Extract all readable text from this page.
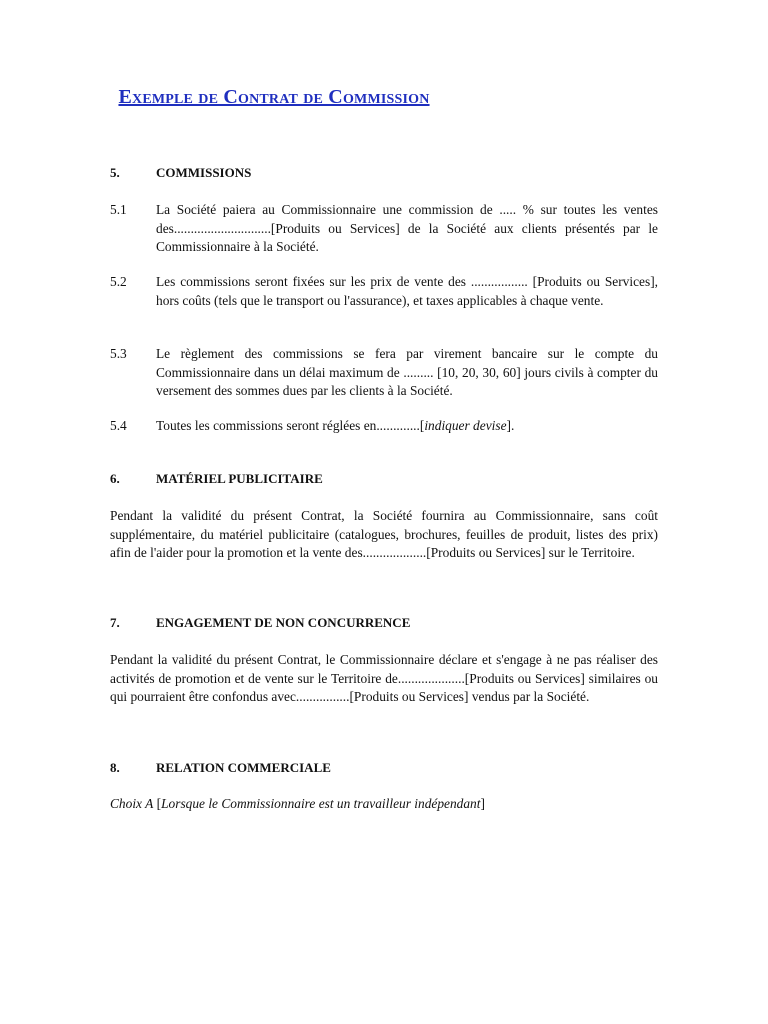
Exemple de Contrat de Commission
5.	COMMISSIONS
5.1 La Société paiera au Commissionnaire une commission de ..... % sur toutes les ventes des.............................[Produits ou Services] de la Société aux clients présentés par le Commissionnaire à la Société.
5.2 Les commissions seront fixées sur les prix de vente des ................. [Produits ou Services], hors coûts (tels que le transport ou l'assurance), et taxes applicables à chaque vente.
5.3 Le règlement des commissions se fera par virement bancaire sur le compte du Commissionnaire dans un délai maximum de ......... [10, 20, 30, 60] jours civils à compter du versement des sommes dues par les clients à la Société.
5.4 Toutes les commissions seront réglées en.............[indiquer devise].
6.	MATÉRIEL PUBLICITAIRE
Pendant la validité du présent Contrat, la Société fournira au Commissionnaire, sans coût supplémentaire, du matériel publicitaire (catalogues, brochures, feuilles de produit, listes des prix) afin de l'aider pour la promotion et la vente des...................[Produits ou Services] sur le Territoire.
7.	ENGAGEMENT DE NON CONCURRENCE
Pendant la validité du présent Contrat, le Commissionnaire déclare et s'engage à ne pas réaliser des activités de promotion et de vente sur le Territoire de....................[Produits ou Services] similaires ou qui pourraient être confondus avec................[Produits ou Services] vendus par la Société.
8.	RELATION COMMERCIALE
Choix A [Lorsque le Commissionnaire est un travailleur indépendant]
